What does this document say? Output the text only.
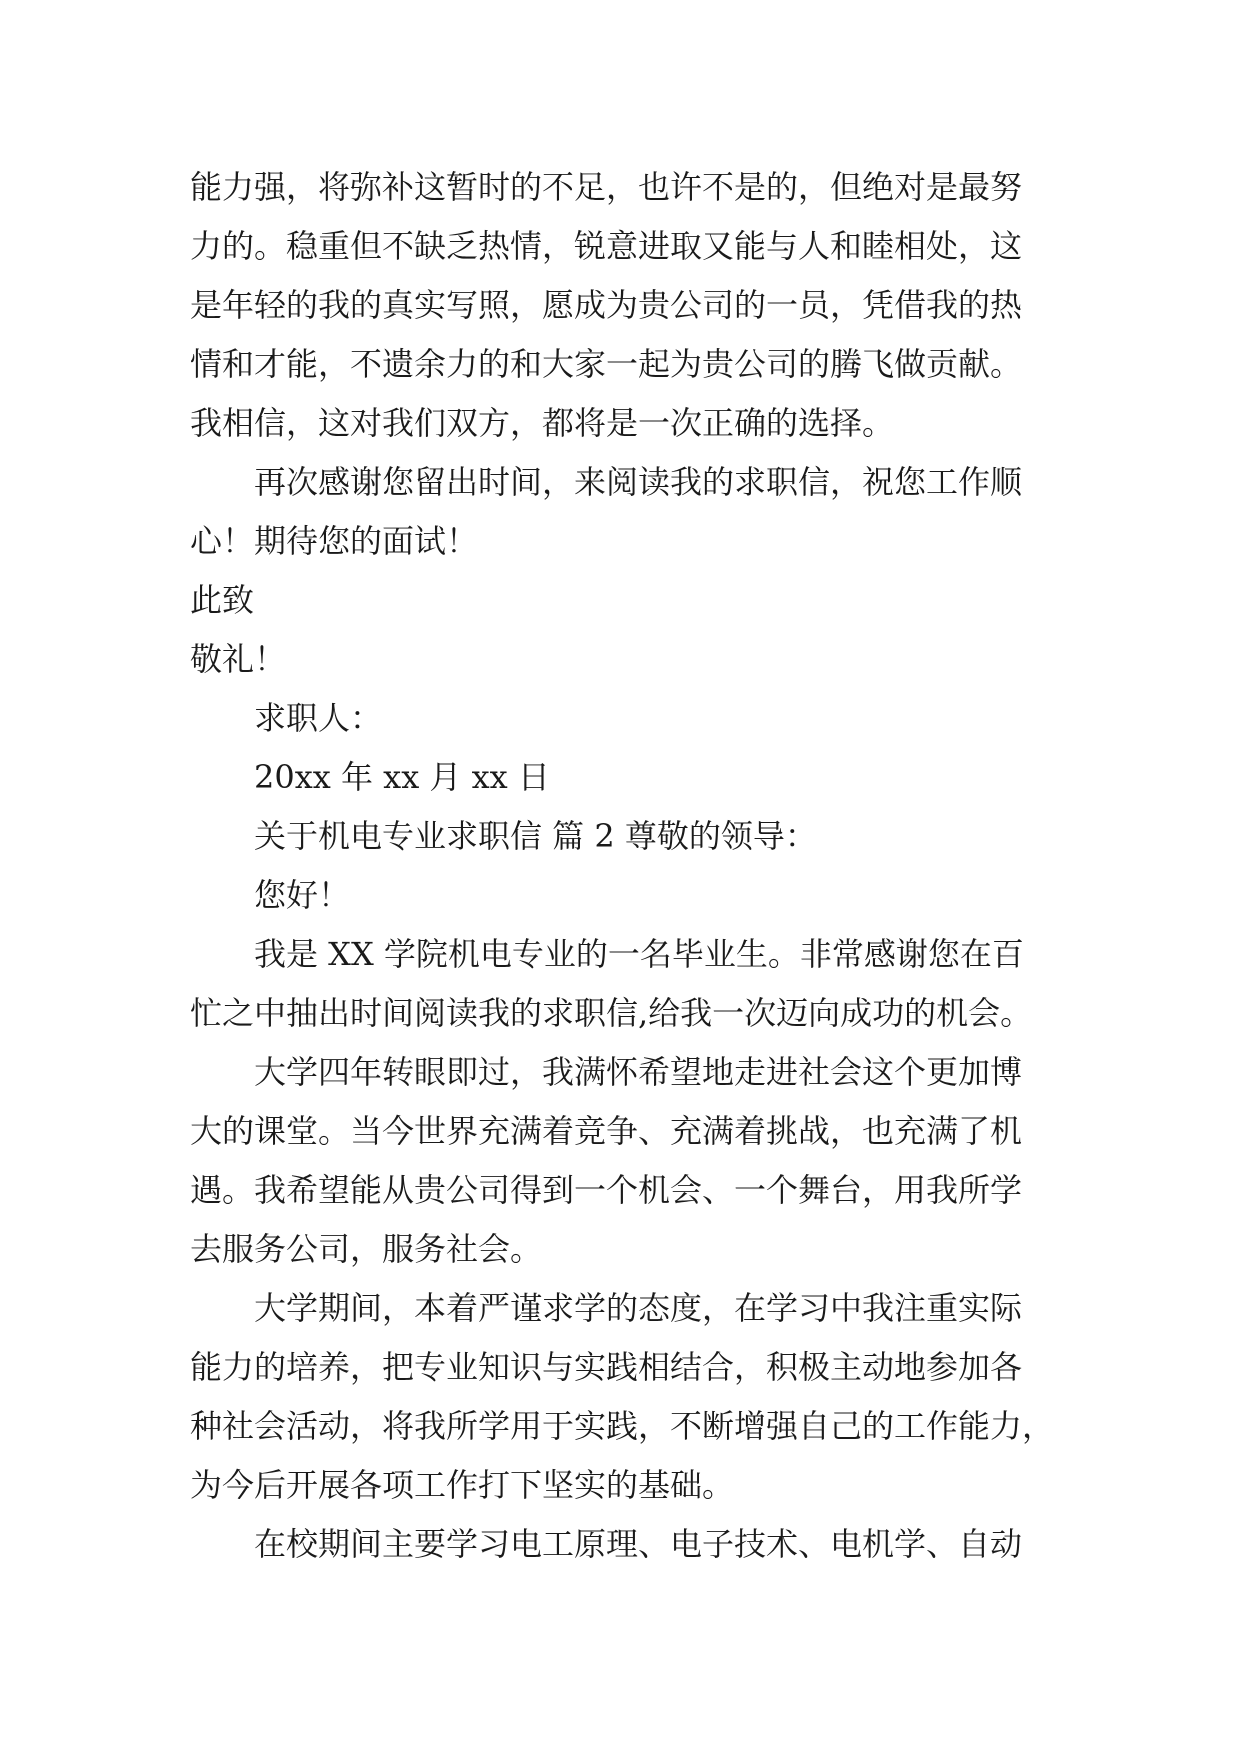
能力强，将弥补这暂时的不足，也许不是的，但绝对是最努
力的。稳重但不缺乏热情，锐意进取又能与人和睦相处，这
是年轻的我的真实写照，愿成为贵公司的一员，凭借我的热
情和才能，不遗余力的和大家一起为贵公司的腾飞做贡献。
我相信，这对我们双方，都将是一次正确的选择。
再次感谢您留出时间，来阅读我的求职信，祝您工作顺
心！期待您的面试！
此致
敬礼！
求职人：
20xx 年 xx 月 xx 日
关于机电专业求职信 篇 2 尊敬的领导：
您好！
我是 XX 学院机电专业的一名毕业生。非常感谢您在百
忙之中抽出时间阅读我的求职信,给我一次迈向成功的机会。
大学四年转眼即过，我满怀希望地走进社会这个更加博
大的课堂。当今世界充满着竞争、充满着挑战，也充满了机
遇。我希望能从贵公司得到一个机会、一个舞台，用我所学
去服务公司，服务社会。
大学期间，本着严谨求学的态度，在学习中我注重实际
能力的培养，把专业知识与实践相结合，积极主动地参加各
种社会活动，将我所学用于实践，不断增强自己的工作能力，
为今后开展各项工作打下坚实的基础。
在校期间主要学习电工原理、电子技术、电机学、自动
